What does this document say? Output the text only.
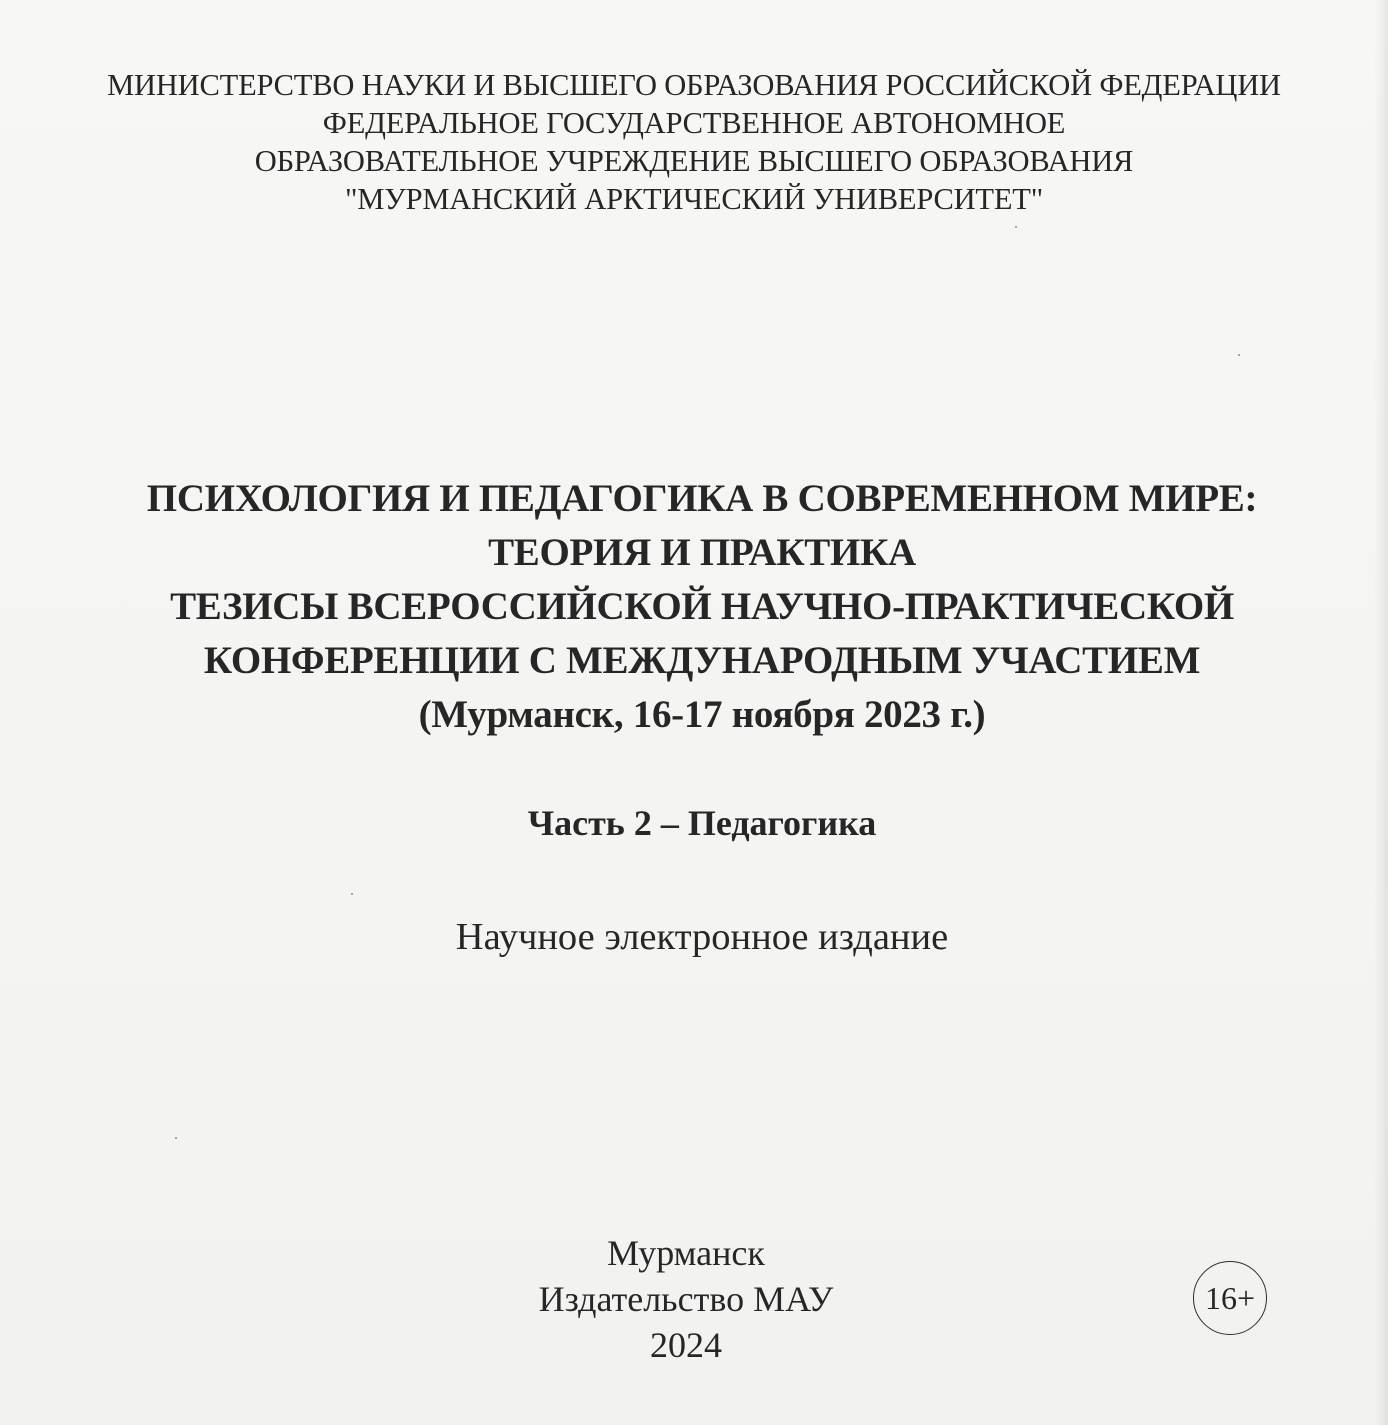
МИНИСТЕРСТВО НАУКИ И ВЫСШЕГО ОБРАЗОВАНИЯ РОССИЙСКОЙ ФЕДЕРАЦИИ
ФЕДЕРАЛЬНОЕ ГОСУДАРСТВЕННОЕ АВТОНОМНОЕ
ОБРАЗОВАТЕЛЬНОЕ УЧРЕЖДЕНИЕ ВЫСШЕГО ОБРАЗОВАНИЯ
"МУРМАНСКИЙ АРКТИЧЕСКИЙ УНИВЕРСИТЕТ"
ПСИХОЛОГИЯ И ПЕДАГОГИКА В СОВРЕМЕННОМ МИРЕ:
ТЕОРИЯ И ПРАКТИКА
ТЕЗИСЫ ВСЕРОССИЙСКОЙ НАУЧНО-ПРАКТИЧЕСКОЙ
КОНФЕРЕНЦИИ С МЕЖДУНАРОДНЫМ УЧАСТИЕМ
(Мурманск, 16-17 ноября 2023 г.)
Часть 2 – Педагогика
Научное электронное издание
Мурманск
Издательство МАУ
2024
16+
